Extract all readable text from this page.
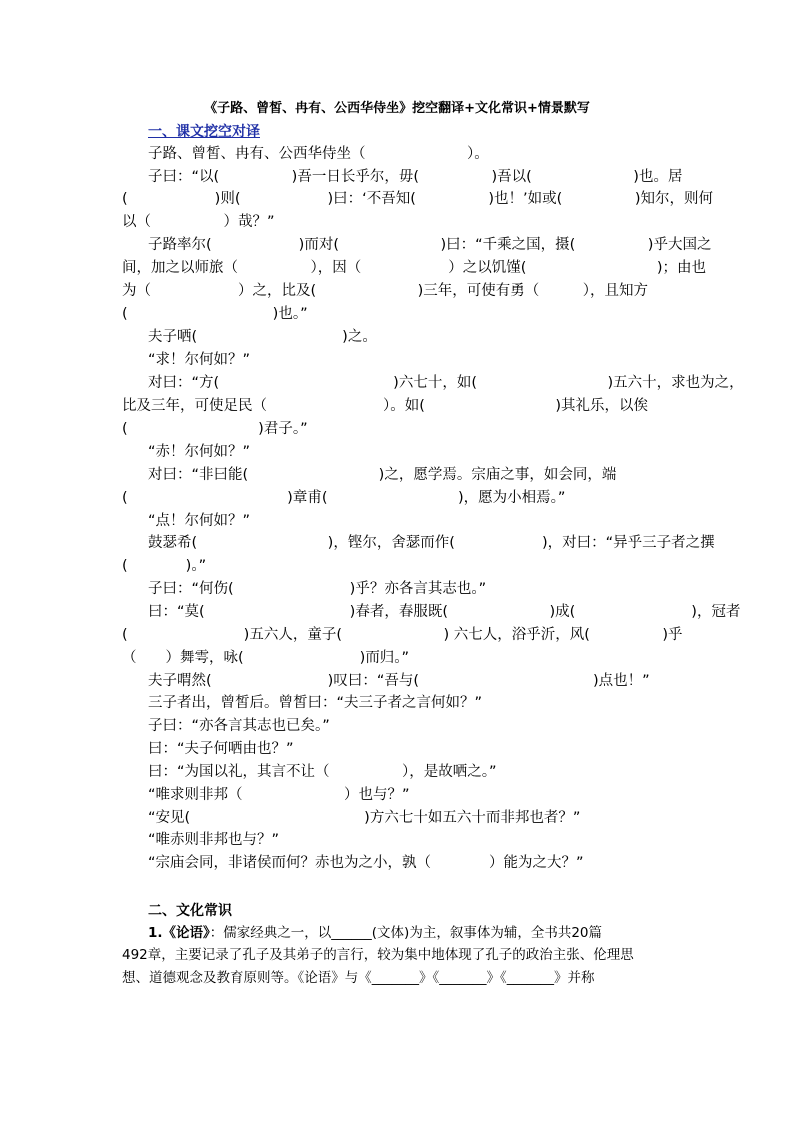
《子路、曾皙、冉有、公西华侍坐》挖空翻译+文化常识+情景默写
一、课文挖空对译
子路、曾皙、冉有、公西华侍坐（　　　　　　　）。
子曰：“以(　　　　　)吾一日长乎尔，毋(　　　　　)吾以(　　　　　　　)也。居
(　　　　　　)则(　　　　　　)曰：‘不吾知(　　　　　)也！’如或(　　　　　)知尔，则何
以（　　　　　）哉？”
子路率尔(　　　　　　)而对(　　　　　　　)曰：“千乘之国，摄(　　　　　)乎大国之
间，加之以师旅（　　　　　），因（　　　　　　）之以饥馑(　　　　　　　　　)；由也
为（　　　　　　）之，比及(　　　　　　　)三年，可使有勇（　　　），且知方
(　　　　　　　　　　)也。”
夫子哂(　　　　　　　　　　)之。
“求！尔何如？”
对曰：“方(　　　　　　　　　　　　)六七十，如(　　　　　　　　　)五六十，求也为之，
比及三年，可使足民（　　　　　　　　）。如(　　　　　　　　　)其礼乐，以俟
(　　　　　　　　　)君子。”
“赤！尔何如？”
对曰：“非曰能(　　　　　　　　　)之，愿学焉。宗庙之事，如会同，端
(　　　　　　　　　　　)章甫(　　　　　　　　　)，愿为小相焉。”
“点！尔何如？”
鼓瑟希(　　　　　　　　　)，铿尔，舍瑟而作(　　　　　　)，对曰：“异乎三子者之撰
(　　　　)。”
子曰：“何伤(　　　　　　　　)乎？亦各言其志也。”
曰：“莫(　　　　　　　　　　)春者，春服既(　　　　　　　)成(　　　　　　　　)，冠者
(　　　　　　　　)五六人，童子(　　　　　　　) 六七人，浴乎沂，风(　　　　　)乎
（　　）舞雩，咏(　　　　　　　　)而归。”
夫子喟然(　　　　　　　　)叹曰：“吾与(　　　　　　　　　　　　)点也！”
三子者出，曾皙后。曾皙曰：“夫三子者之言何如？”
子曰：“亦各言其志也已矣。”
曰：“夫子何哂由也？”
曰：“为国以礼，其言不让（　　　　　），是故哂之。”
“唯求则非邦（　　　　　　　）也与？”
“安见(　　　　　　　　　　　　)方六七十如五六十而非邦也者？”
“唯赤则非邦也与？”
“宗庙会同，非诸侯而何？赤也为之小，孰（　　　　）能为之大？”
二、文化常识
1.《论语》：儒家经典之一，以______(文体)为主，叙事体为辅，全书共20篇
492章，主要记录了孔子及其弟子的言行，较为集中地体现了孔子的政治主张、伦理思
想、道德观念及教育原则等。《论语》与《_______》《_______》《_______》并称
